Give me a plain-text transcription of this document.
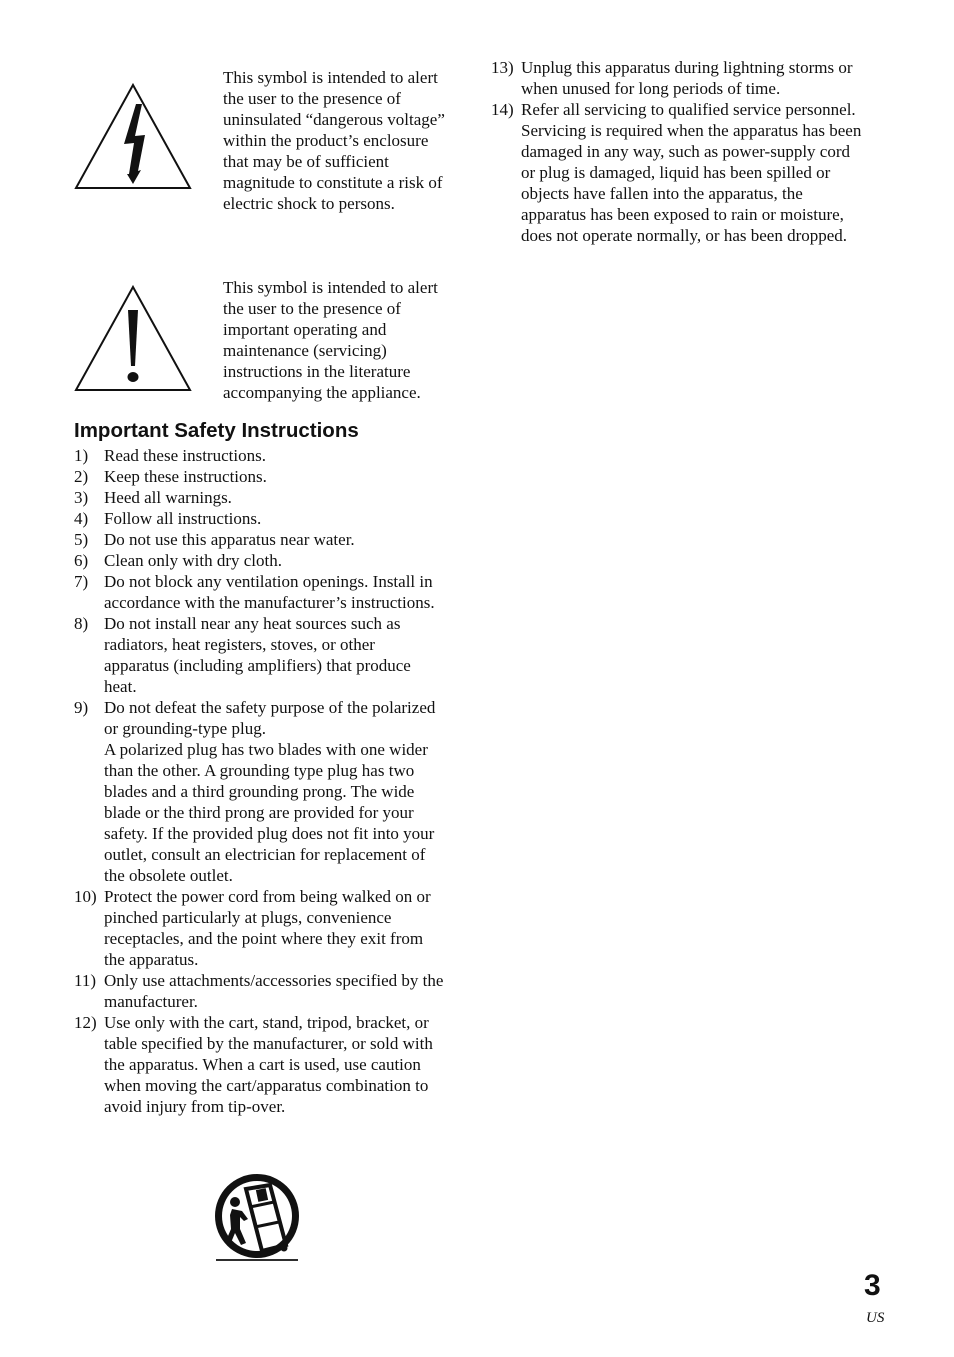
This symbol is intended to alert the user to the presence of uninsulated “dangerous voltage” within the product’s enclosure that may be of sufficient magnitude to constitute a risk of electric shock to persons.

This symbol is intended to alert the user to the presence of important operating and maintenance (servicing) instructions in the literature accompanying the appliance.

Important Safety Instructions
1) Read these instructions.
2) Keep these instructions.
3) Heed all warnings.
4) Follow all instructions.
5) Do not use this apparatus near water.
6) Clean only with dry cloth.
7) Do not block any ventilation openings. Install in accordance with the manufacturer’s instructions.
8) Do not install near any heat sources such as radiators, heat registers, stoves, or other apparatus (including amplifiers) that produce heat.
9) Do not defeat the safety purpose of the polarized or grounding-type plug.
A polarized plug has two blades with one wider than the other. A grounding type plug has two blades and a third grounding prong. The wide blade or the third prong are provided for your safety. If the provided plug does not fit into your outlet, consult an electrician for replacement of the obsolete outlet.
10) Protect the power cord from being walked on or pinched particularly at plugs, convenience receptacles, and the point where they exit from the apparatus.
11) Only use attachments/accessories specified by the manufacturer.
12) Use only with the cart, stand, tripod, bracket, or table specified by the manufacturer, or sold with the apparatus. When a cart is used, use caution when moving the cart/apparatus combination to avoid injury from tip-over.
13) Unplug this apparatus during lightning storms or when unused for long periods of time.
14) Refer all servicing to qualified service personnel. Servicing is required when the apparatus has been damaged in any way, such as power-supply cord or plug is damaged, liquid has been spilled or objects have fallen into the apparatus, the apparatus has been exposed to rain or moisture, does not operate normally, or has been dropped.

3

US
